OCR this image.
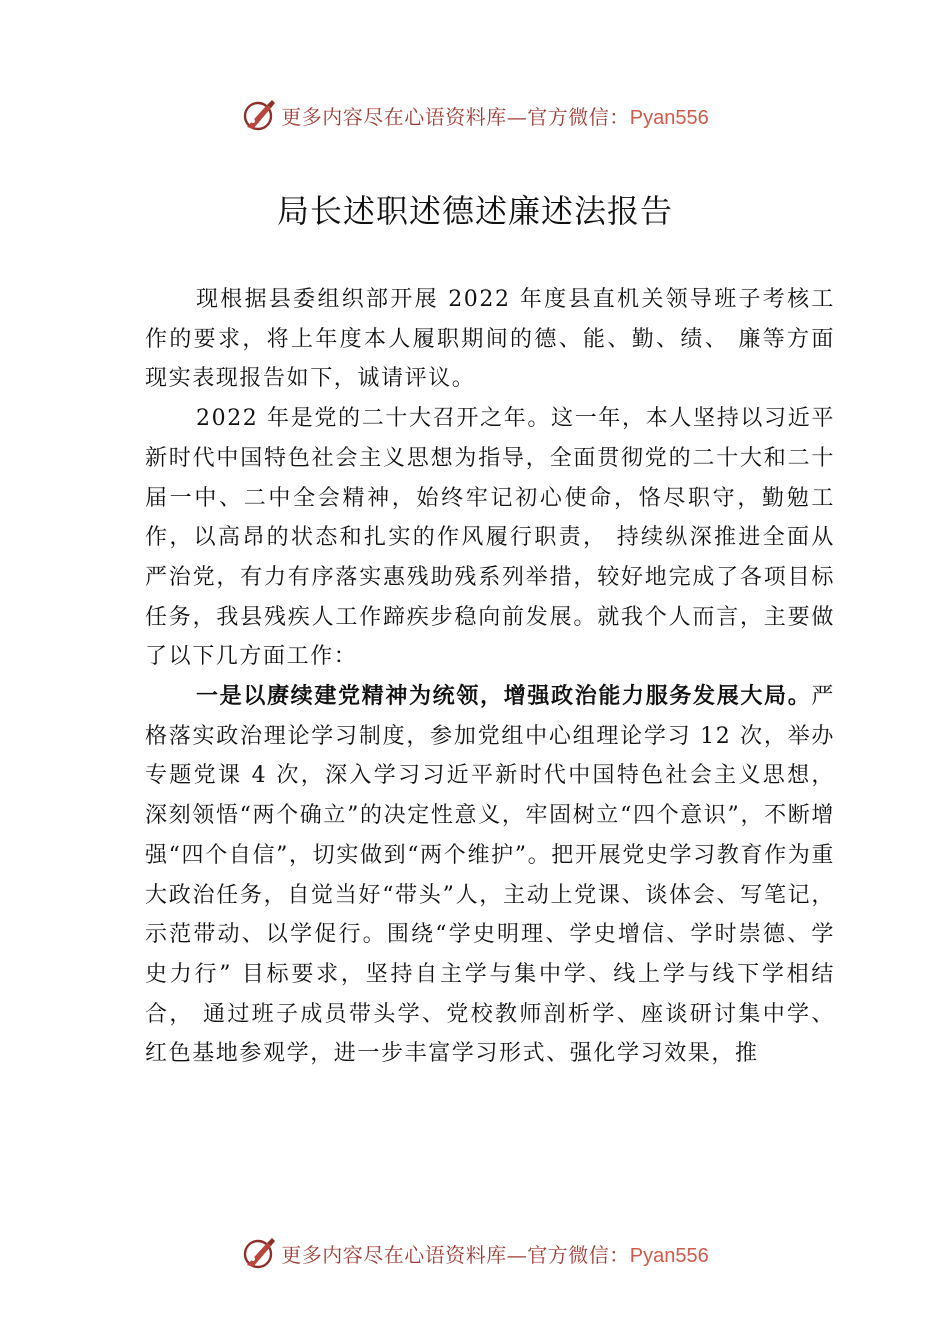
更多内容尽在心语资料库—官方微信：Pyan556
局长述职述德述廉述法报告

现根据县委组织部开展 2022 年度县直机关领导班子考核工作的要求，将上年度本人履职期间的德、能、勤、绩、 廉等方面现实表现报告如下，诚请评议。

2022 年是党的二十大召开之年。这一年，本人坚持以习近平新时代中国特色社会主义思想为指导，全面贯彻党的二十大和二十届一中、二中全会精神，始终牢记初心使命，恪尽职守，勤勉工作，以高昂的状态和扎实的作风履行职责， 持续纵深推进全面从严治党，有力有序落实惠残助残系列举措，较好地完成了各项目标任务，我县残疾人工作蹄疾步稳向前发展。就我个人而言，主要做了以下几方面工作：

一是以赓续建党精神为统领，增强政治能力服务发展大局。严格落实政治理论学习制度，参加党组中心组理论学习 12 次，举办专题党课 4 次，深入学习习近平新时代中国特色社会主义思想，深刻领悟“两个确立”的决定性意义，牢固树立“四个意识”，不断增强“四个自信”，切实做到“两个维护”。把开展党史学习教育作为重大政治任务，自觉当好“带头”人，主动上党课、谈体会、写笔记，示范带动、以学促行。围绕“学史明理、学史增信、学时崇德、学史力行” 目标要求，坚持自主学与集中学、线上学与线下学相结合， 通过班子成员带头学、党校教师剖析学、座谈研讨集中学、 红色基地参观学，进一步丰富学习形式、强化学习效果，推

更多内容尽在心语资料库—官方微信：Pyan556
